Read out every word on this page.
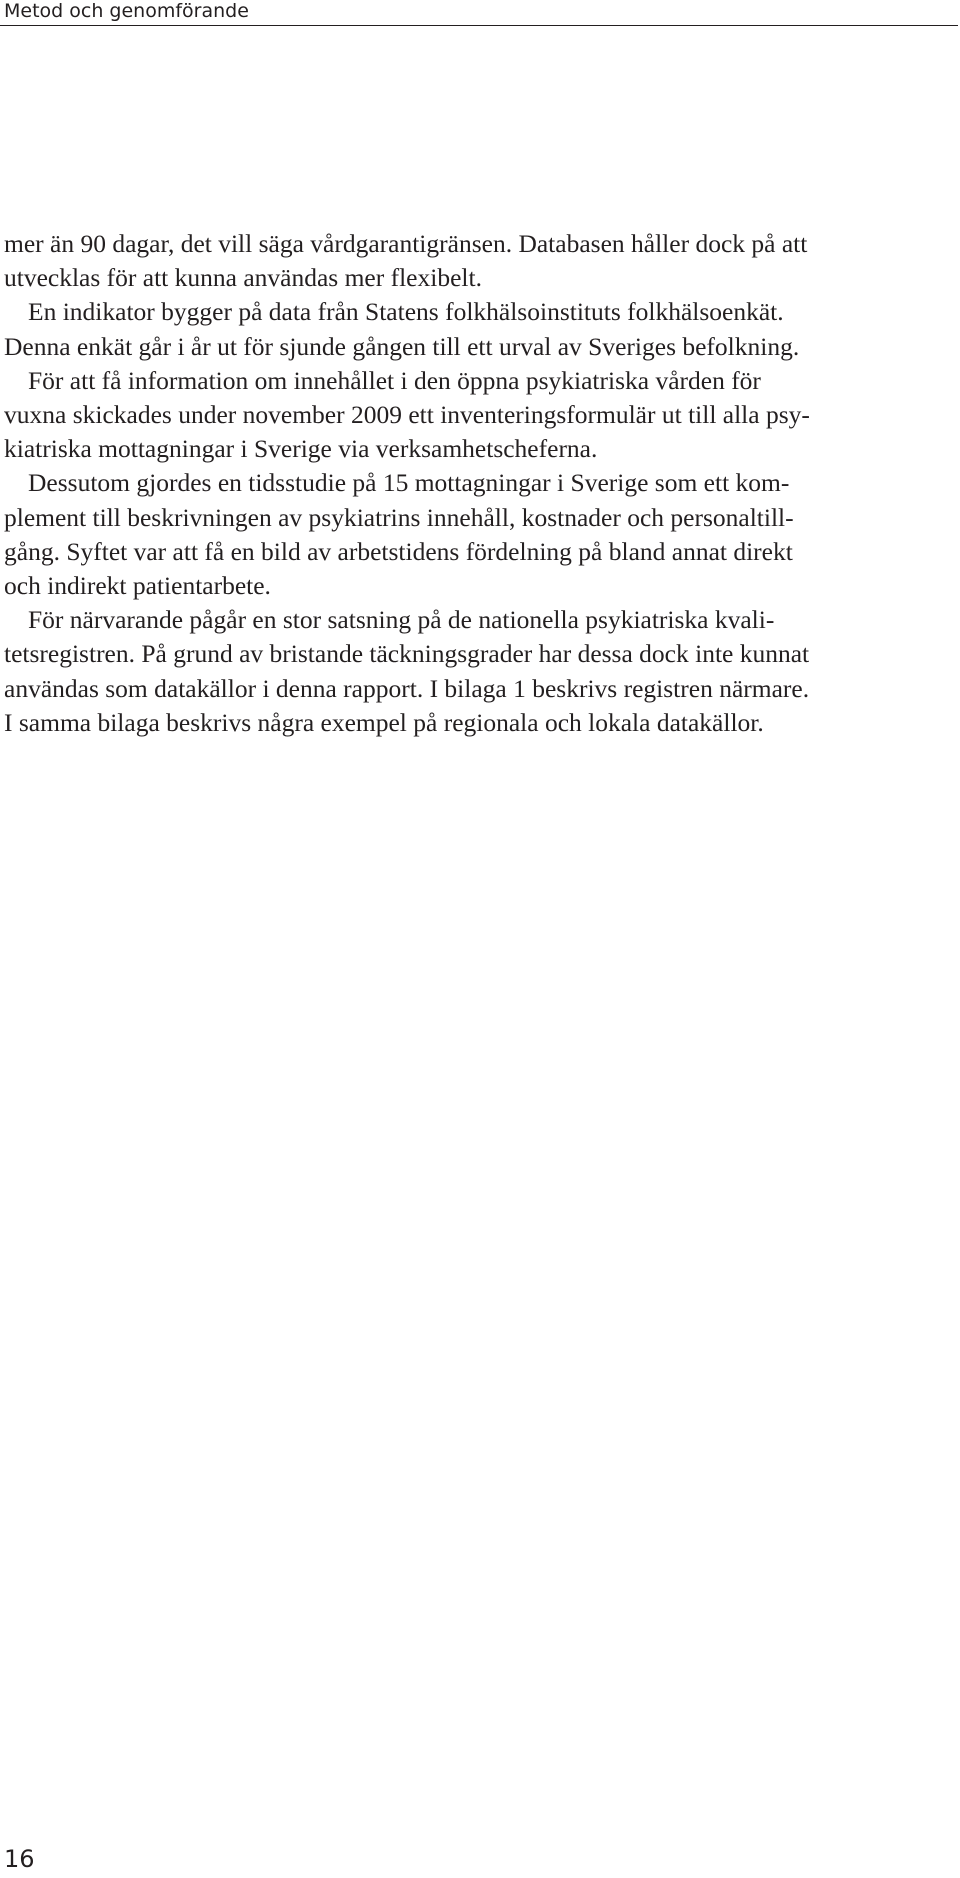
Metod och genomförande
mer än 90 dagar, det vill säga vårdgarantigränsen. Databasen håller dock på att
utvecklas för att kunna användas mer flexibelt.
En indikator bygger på data från Statens folkhälsoinstituts folkhälsoenkät.
Denna enkät går i år ut för sjunde gången till ett urval av Sveriges befolkning.
För att få information om innehållet i den öppna psykiatriska vården för
vuxna skickades under november 2009 ett inventeringsformulär ut till alla psy-
kiatriska mottagningar i Sverige via verksamhetscheferna.
Dessutom gjordes en tidsstudie på 15 mottagningar i Sverige som ett kom-
plement till beskrivningen av psykiatrins innehåll, kostnader och personaltill-
gång. Syftet var att få en bild av arbetstidens fördelning på bland annat direkt
och indirekt patientarbete.
För närvarande pågår en stor satsning på de nationella psykiatriska kvali-
tetsregistren. På grund av bristande täckningsgrader har dessa dock inte kunnat
användas som datakällor i denna rapport. I bilaga 1 beskrivs registren närmare.
I samma bilaga beskrivs några exempel på regionala och lokala datakällor.
16
